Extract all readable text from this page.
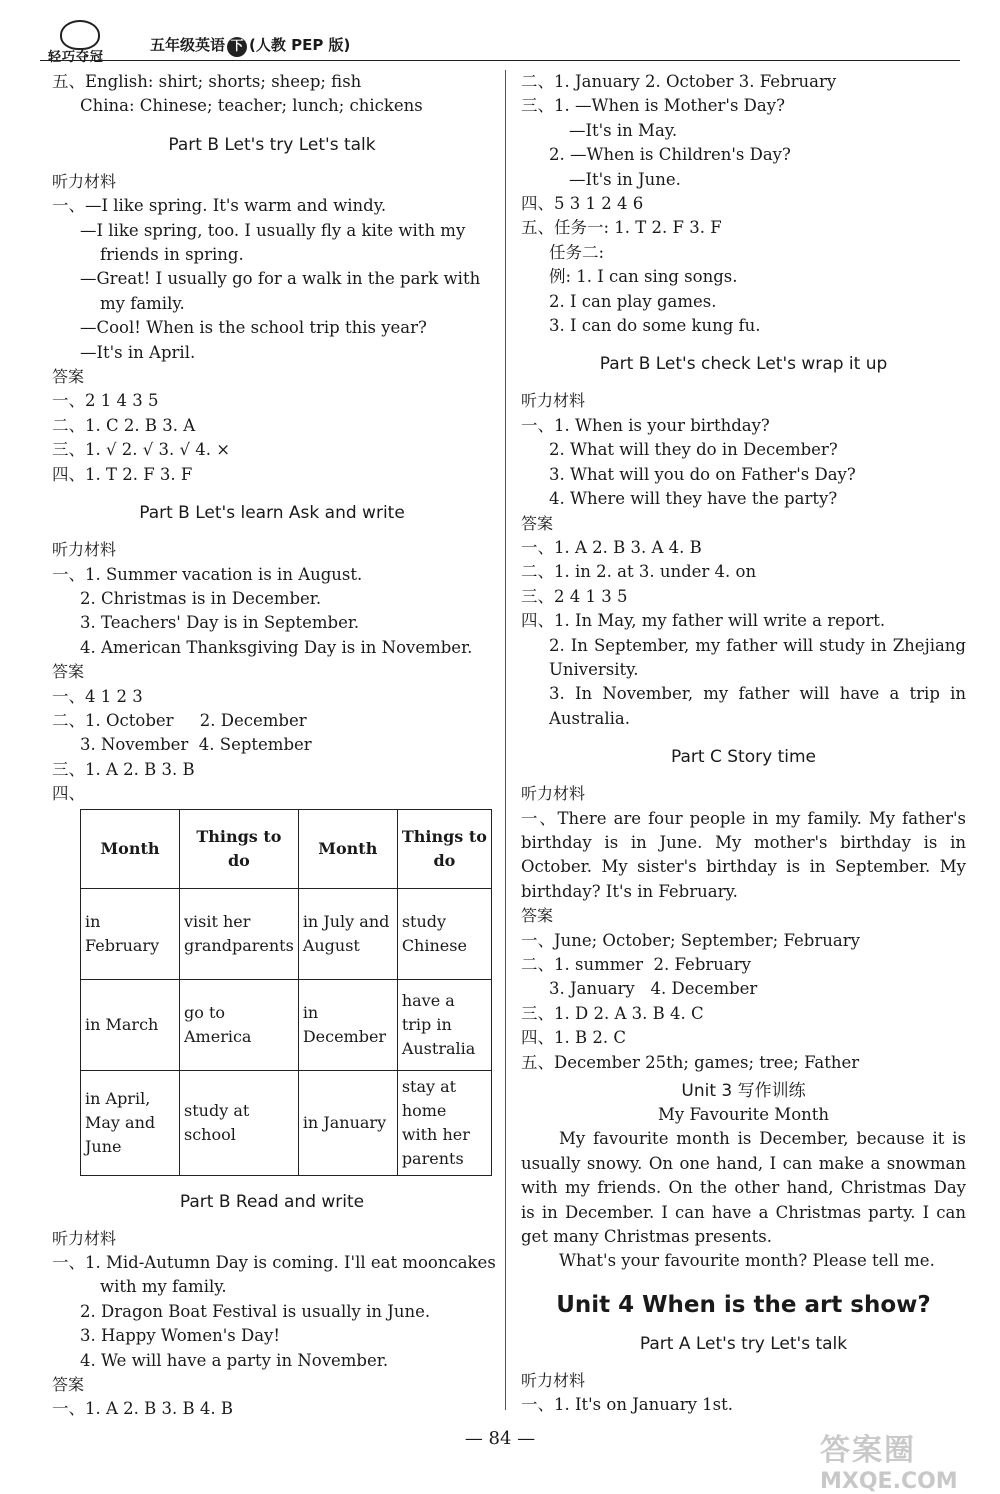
轻巧夺冠
五年级英语 下 (人教 PEP 版)
五、English: shirt; shorts; sheep; fish
China: Chinese; teacher; lunch; chickens
Part B Let's try Let's talk
听力材料
一、—I like spring. It's warm and windy.
—I like spring, too. I usually fly a kite with my
friends in spring.
—Great! I usually go for a walk in the park with
my family.
—Cool! When is the school trip this year?
—It's in April.
答案
一、2 1 4 3 5
二、1. C 2. B 3. A
三、1. √ 2. √ 3. √ 4. ×
四、1. T 2. F 3. F
Part B Let's learn Ask and write
听力材料
一、1. Summer vacation is in August.
2. Christmas is in December.
3. Teachers' Day is in September.
4. American Thanksgiving Day is in November.
答案
一、4 1 2 3
二、1. October     2. December
3. November  4. September
三、1. A 2. B 3. B
四、
Month	Things to do	Month	Things to do
in February	visit her grandparents	in July and August	study Chinese
in March	go to America	in December	have a trip in Australia
in April, May and June	study at school	in January	stay at home with her parents
Part B Read and write
听力材料
一、1. Mid-Autumn Day is coming. I'll eat mooncakes
with my family.
2. Dragon Boat Festival is usually in June.
3. Happy Women's Day!
4. We will have a party in November.
答案
一、1. A 2. B 3. B 4. B
二、1. January 2. October 3. February
三、1. —When is Mother's Day?
—It's in May.
2. —When is Children's Day?
—It's in June.
四、5 3 1 2 4 6
五、任务一: 1. T 2. F 3. F
任务二:
例: 1. I can sing songs.
2. I can play games.
3. I can do some kung fu.
Part B Let's check Let's wrap it up
听力材料
一、1. When is your birthday?
2. What will they do in December?
3. What will you do on Father's Day?
4. Where will they have the party?
答案
一、1. A 2. B 3. A 4. B
二、1. in 2. at 3. under 4. on
三、2 4 1 3 5
四、1. In May, my father will write a report.
2. In September, my father will study in Zhejiang University.
3. In November, my father will have a trip in Australia.
Part C Story time
听力材料
一、There are four people in my family. My father's birthday is in June. My mother's birthday is in October. My sister's birthday is in September. My birthday? It's in February.
答案
一、June; October; September; February
二、1. summer  2. February
3. January   4. December
三、1. D 2. A 3. B 4. C
四、1. B 2. C
五、December 25th; games; tree; Father
Unit 3 写作训练
My Favourite Month
My favourite month is December, because it is usually snowy. On one hand, I can make a snowman with my friends. On the other hand, Christmas Day is in December. I can have a Christmas party. I can get many Christmas presents.
What's your favourite month? Please tell me.
Unit 4 When is the art show?
Part A Let's try Let's talk
听力材料
一、1. It's on January 1st.
— 84 —	答案圈
MXQE.COM
